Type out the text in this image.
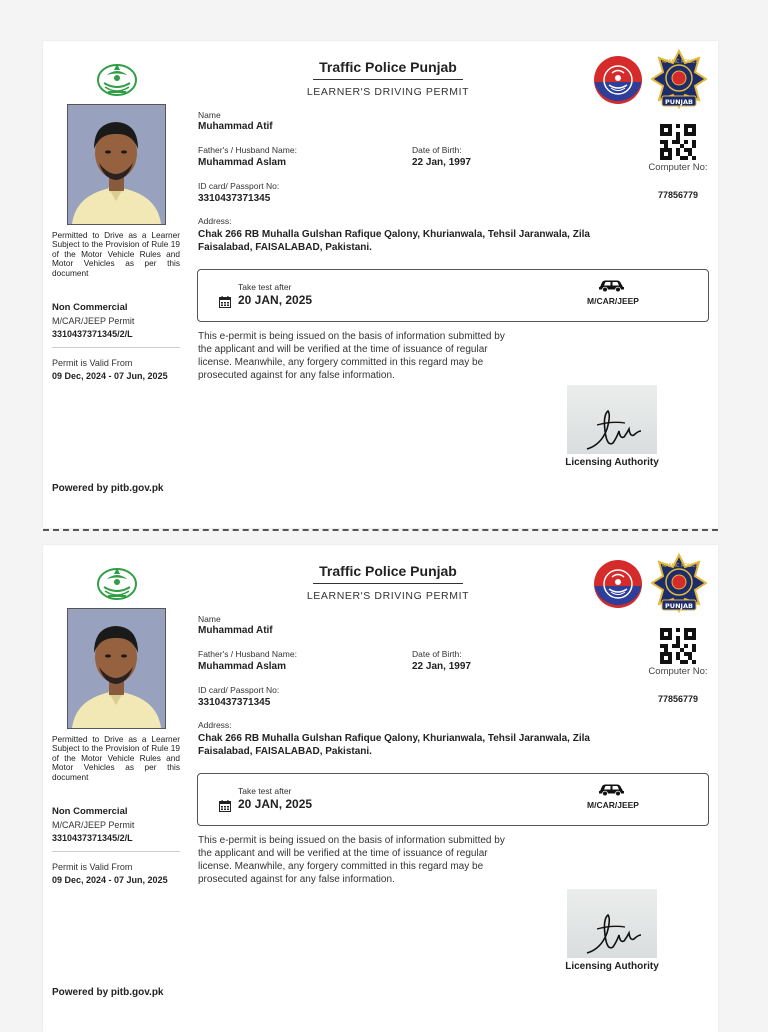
Traffic Police Punjab
LEARNER'S DRIVING PERMIT
TRAFFIC POLICE
PUNJAB
Permitted to Drive as a Learner Subject to the Provision of Rule 19 of the Motor Vehicle Rules and Motor Vehicles as per this document
Non Commercial
M/CAR/JEEP Permit
3310437371345/2/L
Permit is Valid From
09 Dec, 2024 - 07 Jun, 2025
Powered by pitb.gov.pk
Name
Muhammad Atif
Father's / Husband Name:
Muhammad Aslam
Date of Birth:
22 Jan, 1997
ID card/ Passport No:
3310437371345
Address:
Chak 266 RB Muhalla Gulshan Rafique Qalony, Khurianwala, Tehsil Jaranwala, Zila Faisalabad, FAISALABAD, Pakistani.
Computer No:
77856779
Take test after
20 JAN, 2025	M/CAR/JEEP
This e-permit is being issued on the basis of information submitted by the applicant and will be verified at the time of issuance of regular license. Meanwhile, any forgery committed in this regard may be prosecuted against for any false information.
Licensing Authority
Traffic Police Punjab
LEARNER'S DRIVING PERMIT
TRAFFIC POLICE
PUNJAB
Permitted to Drive as a Learner Subject to the Provision of Rule 19 of the Motor Vehicle Rules and Motor Vehicles as per this document
Non Commercial
M/CAR/JEEP Permit
3310437371345/2/L
Permit is Valid From
09 Dec, 2024 - 07 Jun, 2025
Powered by pitb.gov.pk
Name
Muhammad Atif
Father's / Husband Name:
Muhammad Aslam
Date of Birth:
22 Jan, 1997
ID card/ Passport No:
3310437371345
Address:
Chak 266 RB Muhalla Gulshan Rafique Qalony, Khurianwala, Tehsil Jaranwala, Zila Faisalabad, FAISALABAD, Pakistani.
Computer No:
77856779
Take test after
20 JAN, 2025	M/CAR/JEEP
This e-permit is being issued on the basis of information submitted by the applicant and will be verified at the time of issuance of regular license. Meanwhile, any forgery committed in this regard may be prosecuted against for any false information.
Licensing Authority
